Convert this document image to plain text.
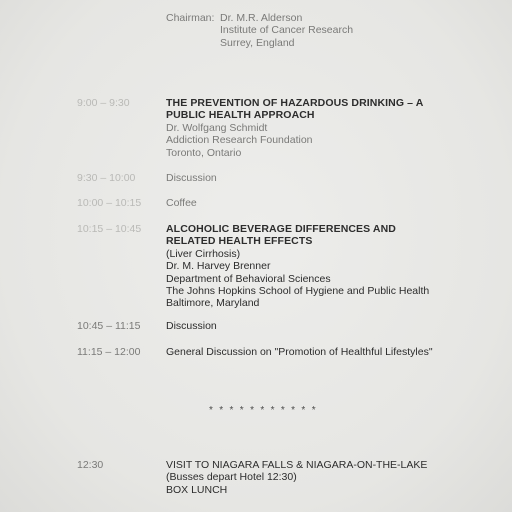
Chairman: Dr. M.R. Alderson
Institute of Cancer Research
Surrey, England
9:00 – 9:30	THE PREVENTION OF HAZARDOUS DRINKING – A
PUBLIC HEALTH APPROACH
Dr. Wolfgang Schmidt
Addiction Research Foundation
Toronto, Ontario
9:30 – 10:00	Discussion
10:00 – 10:15 Coffee
10:15 – 10:45 ALCOHOLIC BEVERAGE DIFFERENCES AND
RELATED HEALTH EFFECTS
(Liver Cirrhosis)
Dr. M. Harvey Brenner
Department of Behavioral Sciences
The Johns Hopkins School of Hygiene and Public Health
Baltimore, Maryland
10:45 – 11:15 Discussion
11:15 – 12:00 General Discussion on "Promotion of Healthful Lifestyles"
* * * * * * * * * * *
12:30	VISIT TO NIAGARA FALLS & NIAGARA-ON-THE-LAKE
(Busses depart Hotel 12:30)
BOX LUNCH
